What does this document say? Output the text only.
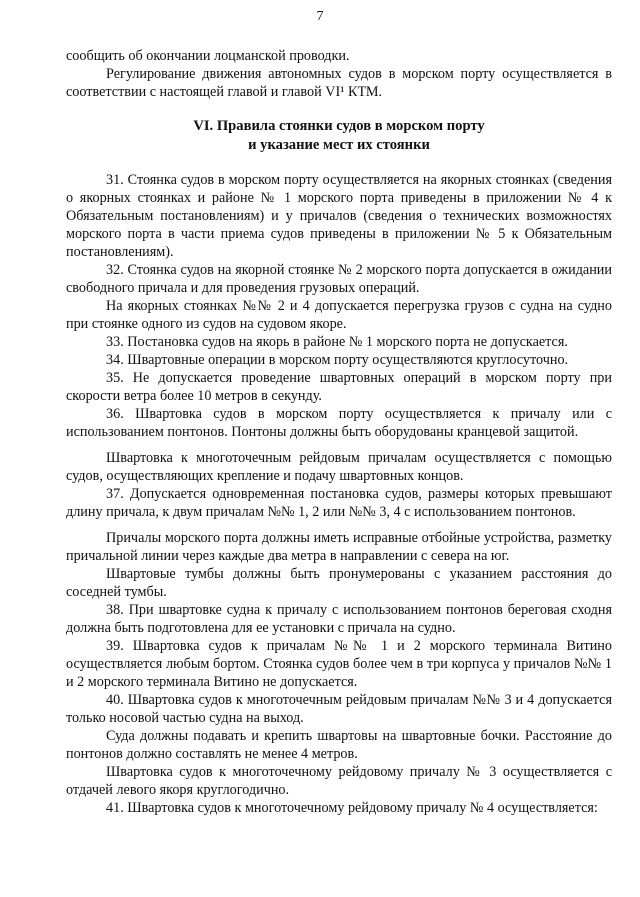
7

сообщить об окончании лоцманской проводки.

Регулирование движения автономных судов в морском порту осуществляется в соответствии с настоящей главой и главой VI¹ КТМ.

VI. Правила стоянки судов в морском порту
и указание мест их стоянки

31. Стоянка судов в морском порту осуществляется на якорных стоянках (сведения о якорных стоянках и районе № 1 морского порта приведены в приложении № 4 к Обязательным постановлениям) и у причалов (сведения о технических возможностях морского порта в части приема судов приведены в приложении № 5 к Обязательным постановлениям).

32. Стоянка судов на якорной стоянке № 2 морского порта допускается в ожидании свободного причала и для проведения грузовых операций.

На якорных стоянках №№ 2 и 4 допускается перегрузка грузов с судна на судно при стоянке одного из судов на судовом якоре.

33. Постановка судов на якорь в районе № 1 морского порта не допускается.

34. Швартовные операции в морском порту осуществляются круглосуточно.

35. Не допускается проведение швартовных операций в морском порту при скорости ветра более 10 метров в секунду.

36. Швартовка судов в морском порту осуществляется к причалу или с использованием понтонов. Понтоны должны быть оборудованы кранцевой защитой.

Швартовка к многоточечным рейдовым причалам осуществляется с помощью судов, осуществляющих крепление и подачу швартовных концов.

37. Допускается одновременная постановка судов, размеры которых превышают длину причала, к двум причалам №№ 1, 2 или №№ 3, 4 с использованием понтонов.

Причалы морского порта должны иметь исправные отбойные устройства, разметку причальной линии через каждые два метра в направлении с севера на юг.

Швартовые тумбы должны быть пронумерованы с указанием расстояния до соседней тумбы.

38. При швартовке судна к причалу с использованием понтонов береговая сходня должна быть подготовлена для ее установки с причала на судно.

39. Швартовка судов к причалам №№ 1 и 2 морского терминала Витино осуществляется любым бортом. Стоянка судов более чем в три корпуса у причалов №№ 1 и 2 морского терминала Витино не допускается.

40. Швартовка судов к многоточечным рейдовым причалам №№ 3 и 4 допускается только носовой частью судна на выход.

Суда должны подавать и крепить швартовы на швартовные бочки. Расстояние до понтонов должно составлять не менее 4 метров.

Швартовка судов к многоточечному рейдовому причалу № 3 осуществляется с отдачей левого якоря круглогодично.

41. Швартовка судов к многоточечному рейдовому причалу № 4 осуществляется:
